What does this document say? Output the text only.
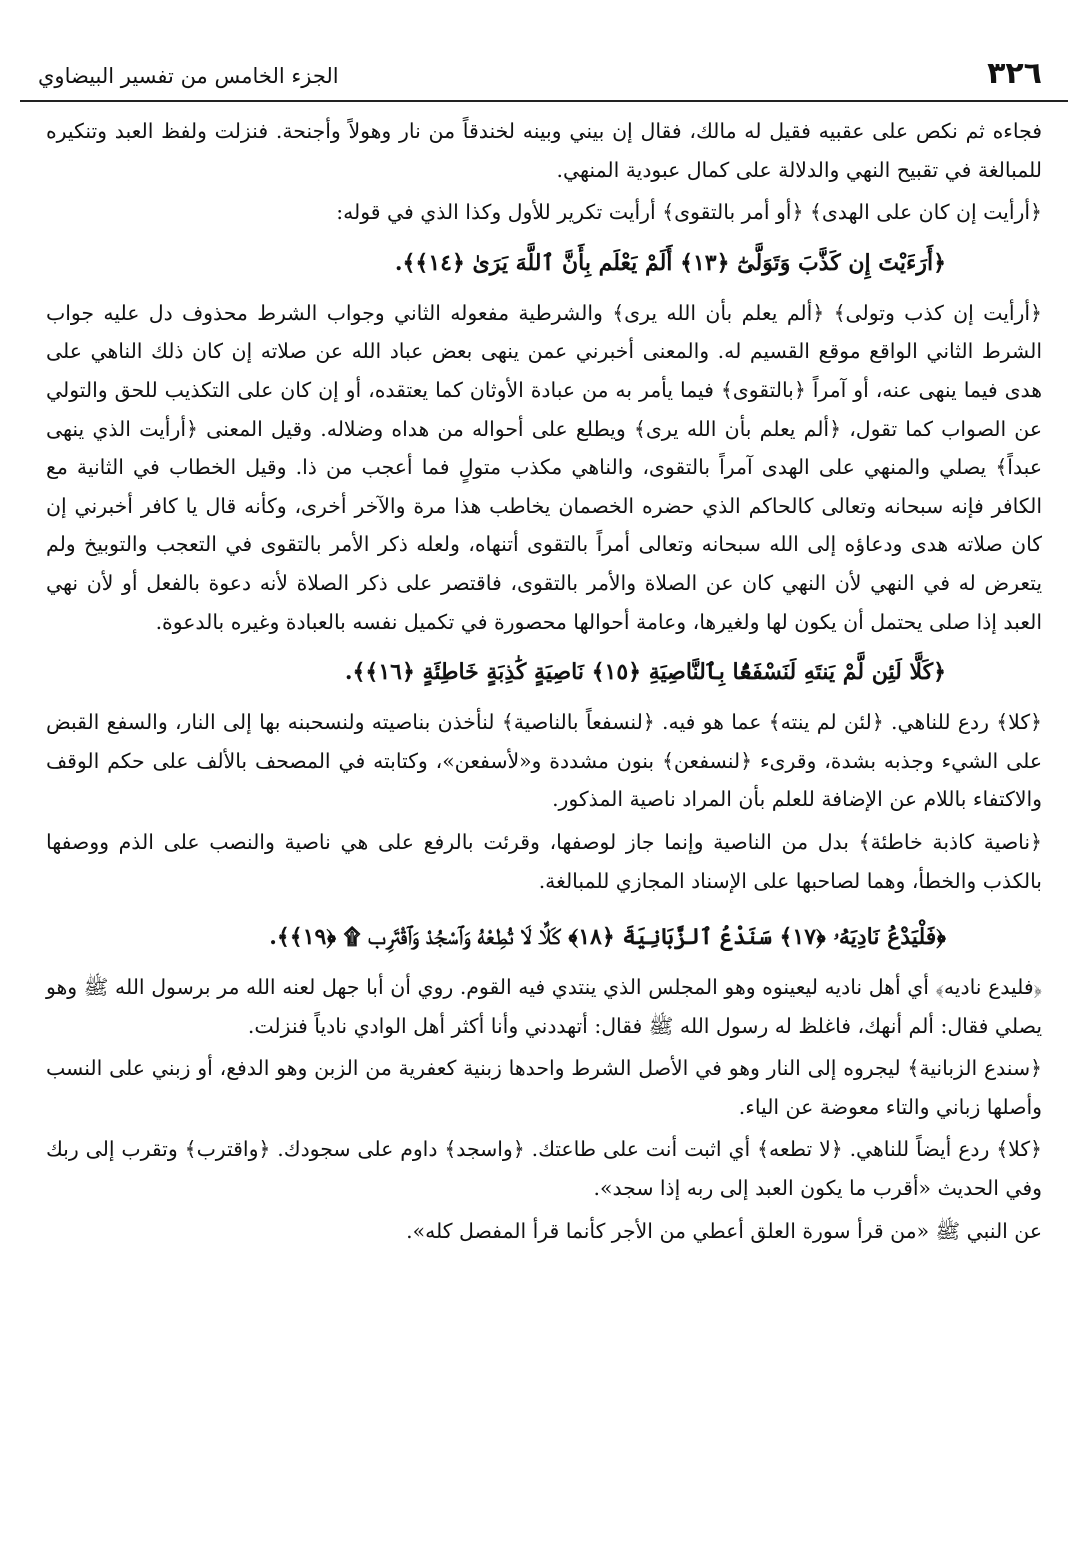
٣٢٦
الجزء الخامس من تفسير البيضاوي

فجاءه ثم نكص على عقبيه فقيل له مالك، فقال إن بيني وبينه لخندقاً من نار وهولاً وأجنحة. فنزلت ولفظ العبد وتنكيره للمبالغة في تقبيح النهي والدلالة على كمال عبودية المنهي.

﴿أرأيت إن كان على الهدى﴾ ﴿أو أمر بالتقوى﴾ أرأيت تكرير للأول وكذا الذي في قوله:

﴿أَرَءَيْتَ إِن كَذَّبَ وَتَوَلَّىٰٓ ﴿١٣﴾ أَلَمْ يَعْلَم بِأَنَّ ٱللَّهَ يَرَىٰ ﴿١٤﴾﴾.

﴿أرأيت إن كذب وتولى﴾ ﴿ألم يعلم بأن الله يرى﴾ والشرطية مفعوله الثاني وجواب الشرط محذوف دل عليه جواب الشرط الثاني الواقع موقع القسيم له. والمعنى أخبرني عمن ينهى بعض عباد الله عن صلاته إن كان ذلك الناهي على هدى فيما ينهى عنه، أو آمراً ﴿بالتقوى﴾ فيما يأمر به من عبادة الأوثان كما يعتقده، أو إن كان على التكذيب للحق والتولي عن الصواب كما تقول، ﴿ألم يعلم بأن الله يرى﴾ ويطلع على أحواله من هداه وضلاله. وقيل المعنى ﴿أرأيت الذي ينهى عبداً﴾ يصلي والمنهي على الهدى آمراً بالتقوى، والناهي مكذب متولٍ فما أعجب من ذا. وقيل الخطاب في الثانية مع الكافر فإنه سبحانه وتعالى كالحاكم الذي حضره الخصمان يخاطب هذا مرة والآخر أخرى، وكأنه قال يا كافر أخبرني إن كان صلاته هدى ودعاؤه إلى الله سبحانه وتعالى أمراً بالتقوى أتنهاه، ولعله ذكر الأمر بالتقوى في التعجب والتوبيخ ولم يتعرض له في النهي لأن النهي كان عن الصلاة والأمر بالتقوى، فاقتصر على ذكر الصلاة لأنه دعوة بالفعل أو لأن نهي العبد إذا صلى يحتمل أن يكون لها ولغيرها، وعامة أحوالها محصورة في تكميل نفسه بالعبادة وغيره بالدعوة.

﴿كَلَّا لَئِن لَّمْ يَنتَهِ لَنَسْفَعًۢا بِٱلنَّاصِيَةِ ﴿١٥﴾ نَاصِيَةٍ كَٰذِبَةٍ خَاطِئَةٍ ﴿١٦﴾﴾.

﴿كلا﴾ ردع للناهي. ﴿لئن لم ينته﴾ عما هو فيه. ﴿لنسفعاً بالناصية﴾ لنأخذن بناصيته ولنسحبنه بها إلى النار، والسفع القبض على الشيء وجذبه بشدة، وقرىء ﴿لنسفعن﴾ بنون مشددة و«لأسفعن»، وكتابته في المصحف بالألف على حكم الوقف والاكتفاء باللام عن الإضافة للعلم بأن المراد ناصية المذكور.

﴿ناصية كاذبة خاطئة﴾ بدل من الناصية وإنما جاز لوصفها، وقرئت بالرفع على هي ناصية والنصب على الذم ووصفها بالكذب والخطأ، وهما لصاحبها على الإسناد المجازي للمبالغة.

﴿فَلْيَدْعُ نَادِيَهُۥ ﴿١٧﴾ سَنَدْعُ ٱلزَّبَانِيَةَ ﴿١٨﴾ كَلَّا لَا تُطِعْهُ وَٱسْجُدْ وَٱقْتَرِب ۩ ﴿١٩﴾﴾.

﴿فليدع ناديه﴾ أي أهل ناديه ليعينوه وهو المجلس الذي ينتدي فيه القوم. روي أن أبا جهل لعنه الله مر برسول الله ﷺ وهو يصلي فقال: ألم أنهك، فاغلظ له رسول الله ﷺ فقال: أتهددني وأنا أكثر أهل الوادي نادياً فنزلت.

﴿سندع الزبانية﴾ ليجروه إلى النار وهو في الأصل الشرط واحدها زبنية كعفرية من الزبن وهو الدفع، أو زبني على النسب وأصلها زباني والتاء معوضة عن الياء.

﴿كلا﴾ ردع أيضاً للناهي. ﴿لا تطعه﴾ أي اثبت أنت على طاعتك. ﴿واسجد﴾ داوم على سجودك. ﴿واقترب﴾ وتقرب إلى ربك وفي الحديث «أقرب ما يكون العبد إلى ربه إذا سجد».

عن النبي ﷺ «من قرأ سورة العلق أعطي من الأجر كأنما قرأ المفصل كله».
